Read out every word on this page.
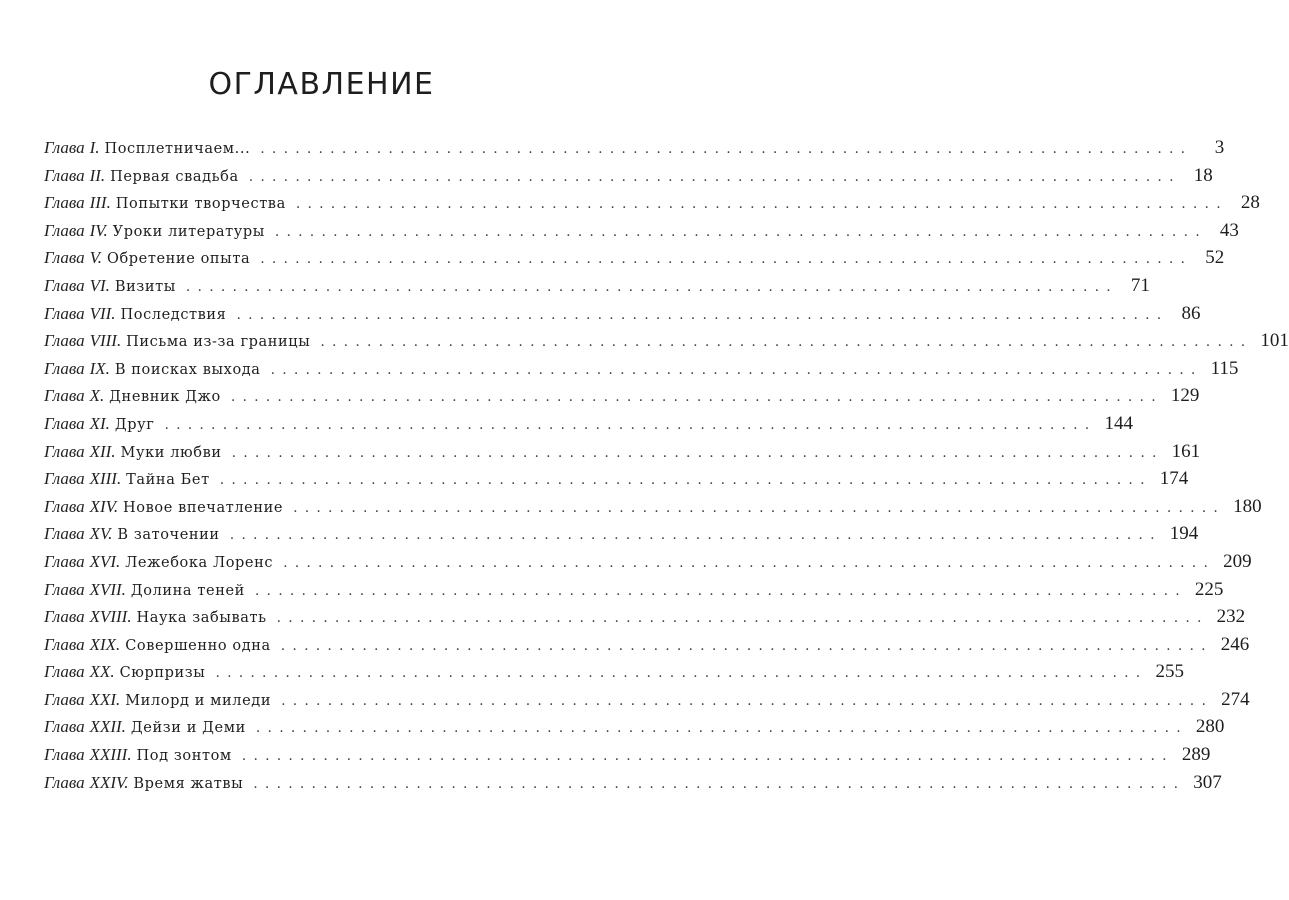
ОГЛАВЛЕНИЕ
Глава
I.
Посплетничаем... ................................................................................	3
Глава
II.
Первая свадьба ................................................................................ 18
Глава
III.
Попытки творчества ................................................................................ 28
Глава
IV.
Уроки литературы ................................................................................ 43
Глава
V.
Обретение опыта ................................................................................ 52
Глава
VI.
Визиты ................................................................................ 71
Глава
VII.
Последствия ................................................................................ 86
Глава
VIII.
Письма из-за границы ................................................................................ 101
Глава
IX.
В поисках выхода ................................................................................ 115
Глава
X.
Дневник Джо ................................................................................ 129
Глава
XI.
Друг ................................................................................ 144
Глава
XII.
Муки любви ................................................................................ 161
Глава
XIII.
Тайна Бет ................................................................................ 174
Глава
XIV.
Новое впечатление ................................................................................ 180
Глава
XV.
В заточении ................................................................................ 194
Глава
XVI.
Лежебока Лоренс ................................................................................ 209
Глава
XVII.
Долина теней ................................................................................ 225
Глава
XVIII.
Наука забывать ................................................................................ 232
Глава
XIX.
Совершенно одна ................................................................................ 246
Глава
XX.
Сюрпризы ................................................................................ 255
Глава
XXI.
Милорд и миледи ................................................................................ 274
Глава
XXII.
Дейзи и Деми ................................................................................ 280
Глава
XXIII.
Под зонтом ................................................................................ 289
Глава
XXIV.
Время жатвы ................................................................................ 307
